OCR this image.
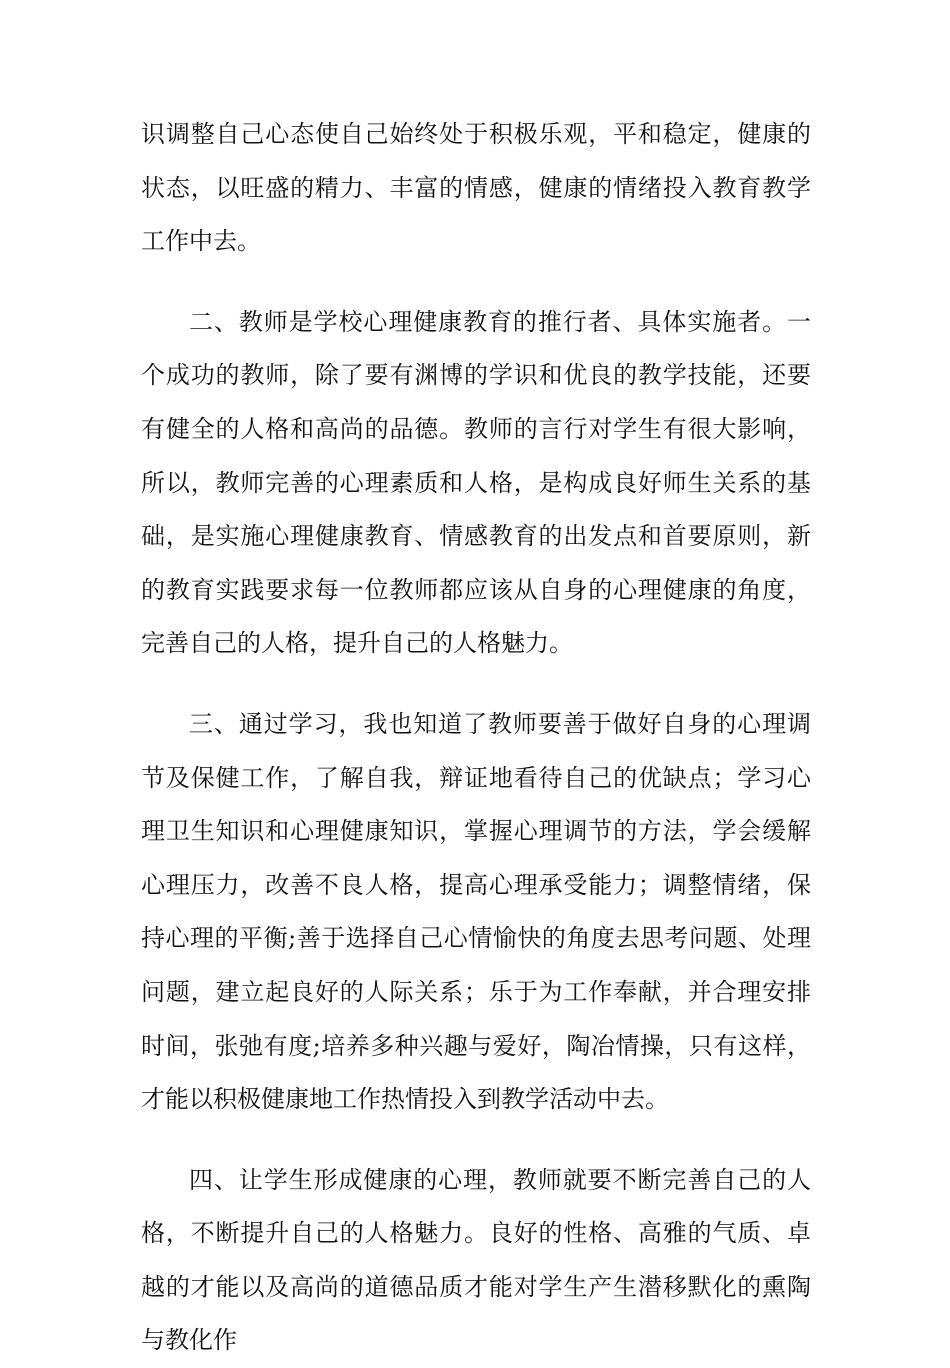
识调整自己心态使自己始终处于积极乐观，平和稳定，健康的状态，以旺盛的精力、丰富的情感，健康的情绪投入教育教学工作中去。

二、教师是学校心理健康教育的推行者、具体实施者。一个成功的教师，除了要有渊博的学识和优良的教学技能，还要有健全的人格和高尚的品德。教师的言行对学生有很大影响，所以，教师完善的心理素质和人格，是构成良好师生关系的基础，是实施心理健康教育、情感教育的出发点和首要原则，新的教育实践要求每一位教师都应该从自身的心理健康的角度，完善自己的人格，提升自己的人格魅力。

三、通过学习，我也知道了教师要善于做好自身的心理调节及保健工作，了解自我，辩证地看待自己的优缺点；学习心理卫生知识和心理健康知识，掌握心理调节的方法，学会缓解心理压力，改善不良人格，提高心理承受能力；调整情绪，保持心理的平衡;善于选择自己心情愉快的角度去思考问题、处理问题，建立起良好的人际关系；乐于为工作奉献，并合理安排时间，张弛有度;培养多种兴趣与爱好，陶冶情操，只有这样，才能以积极健康地工作热情投入到教学活动中去。

四、让学生形成健康的心理，教师就要不断完善自己的人格，不断提升自己的人格魅力。良好的性格、高雅的气质、卓越的才能以及高尚的道德品质才能对学生产生潜移默化的熏陶与教化作
